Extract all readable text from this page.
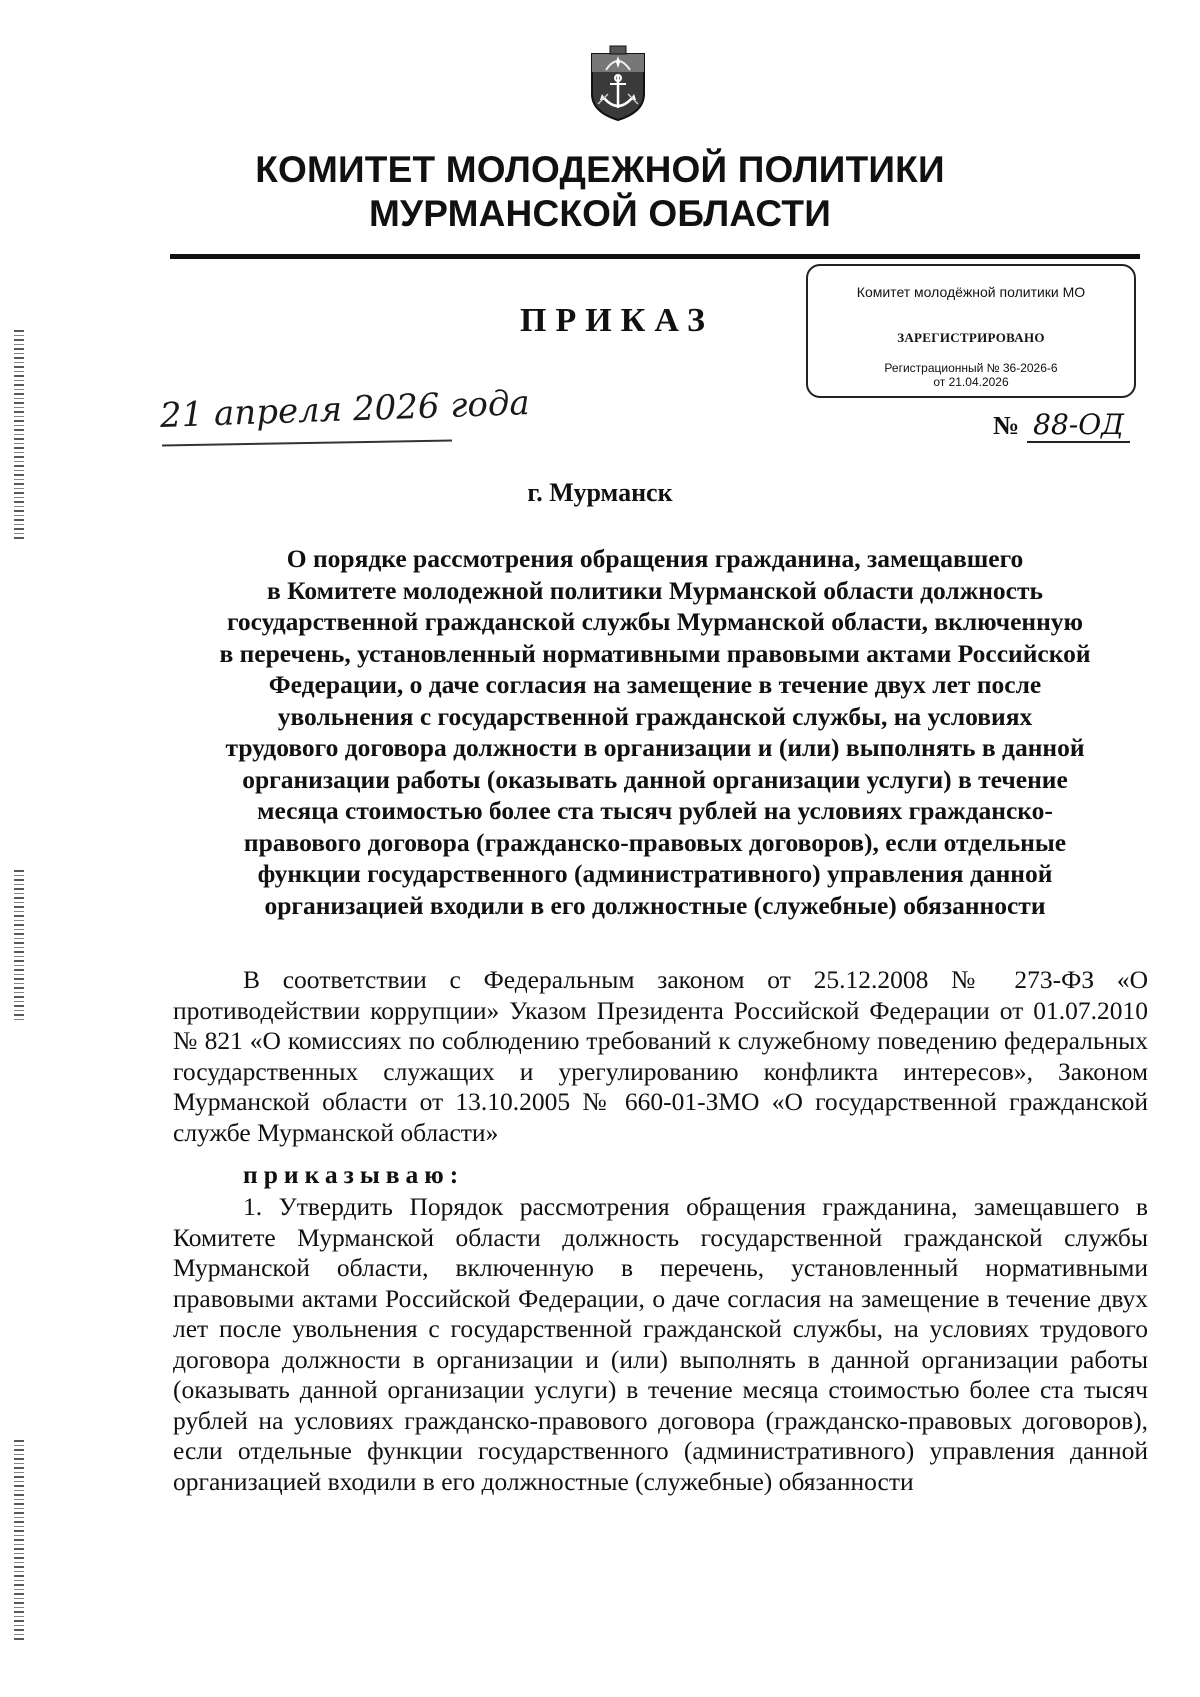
КОМИТЕТ МОЛОДЕЖНОЙ ПОЛИТИКИ
МУРМАНСКОЙ ОБЛАСТИ
Комитет молодёжной политики МО
ЗАРЕГИСТРИРОВАНО
Регистрационный № 36-2026-6
от 21.04.2026
ПРИКАЗ
21 апреля 2026 года	№ 88-ОД
г. Мурманск
О порядке рассмотрения обращения гражданина, замещавшего
в Комитете молодежной политики Мурманской области должность
государственной гражданской службы Мурманской области, включенную
в перечень, установленный нормативными правовыми актами Российской
Федерации, о даче согласия на замещение в течение двух лет после
увольнения с государственной гражданской службы, на условиях
трудового договора должности в организации и (или) выполнять в данной
организации работы (оказывать данной организации услуги) в течение
месяца стоимостью более ста тысяч рублей на условиях гражданско-
правового договора (гражданско-правовых договоров), если отдельные
функции государственного (административного) управления данной
организацией входили в его должностные (служебные) обязанности
В соответствии с Федеральным законом от 25.12.2008 № 273-ФЗ «О противодействии коррупции» Указом Президента Российской Федерации от 01.07.2010 № 821 «О комиссиях по соблюдению требований к служебному поведению федеральных государственных служащих и урегулированию конфликта интересов», Законом Мурманской области от 13.10.2005 № 660-01-ЗМО «О государственной гражданской службе Мурманской области»
приказываю:
1. Утвердить Порядок рассмотрения обращения гражданина, замещавшего в Комитете Мурманской области должность государственной гражданской службы Мурманской области, включенную в перечень, установленный нормативными правовыми актами Российской Федерации, о даче согласия на замещение в течение двух лет после увольнения с государственной гражданской службы, на условиях трудового договора должности в организации и (или) выполнять в данной организации работы (оказывать данной организации услуги) в течение месяца стоимостью более ста тысяч рублей на условиях гражданско-правового договора (гражданско-правовых договоров), если отдельные функции государственного (административного) управления данной организацией входили в его должностные (служебные) обязанности
